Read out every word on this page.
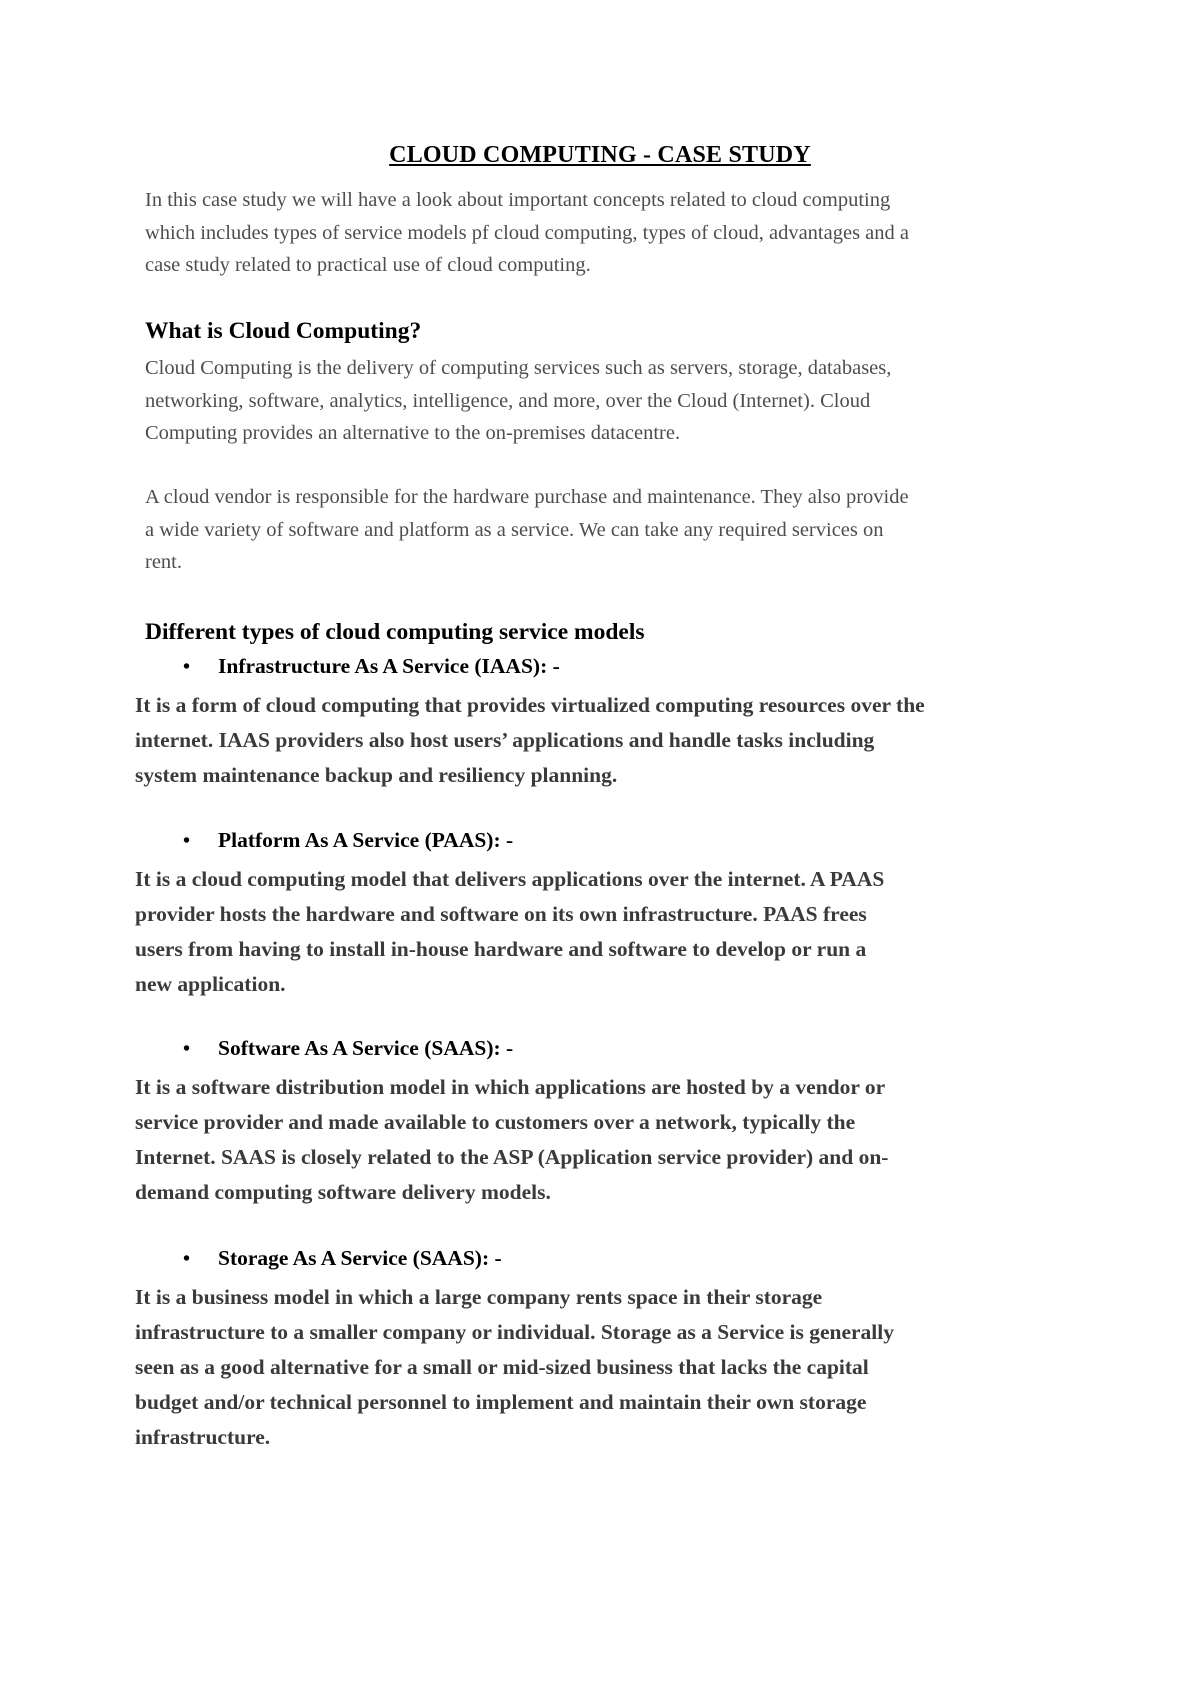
CLOUD COMPUTING - CASE STUDY

In this case study we will have a look about important concepts related to cloud computing

which includes types of service models pf cloud computing, types of cloud, advantages and a

case study related to practical use of cloud computing.

What is Cloud Computing?

Cloud Computing is the delivery of computing services such as servers, storage, databases,

networking, software, analytics, intelligence, and more, over the Cloud (Internet). Cloud

Computing provides an alternative to the on-premises datacentre.

A cloud vendor is responsible for the hardware purchase and maintenance. They also provide

a wide variety of software and platform as a service. We can take any required services on

rent.

Different types of cloud computing service models
• Infrastructure As A Service (IAAS): -

It is a form of cloud computing that provides virtualized computing resources over the

internet. IAAS providers also host users’ applications and handle tasks including

system maintenance backup and resiliency planning.

• Platform As A Service (PAAS): -

It is a cloud computing model that delivers applications over the internet. A PAAS

provider hosts the hardware and software on its own infrastructure. PAAS frees

users from having to install in-house hardware and software to develop or run a

new application.

• Software As A Service (SAAS): -

It is a software distribution model in which applications are hosted by a vendor or

service provider and made available to customers over a network, typically the

Internet. SAAS is closely related to the ASP (Application service provider) and on-

demand computing software delivery models.

• Storage As A Service (SAAS): -

It is a business model in which a large company rents space in their storage

infrastructure to a smaller company or individual. Storage as a Service is generally

seen as a good alternative for a small or mid-sized business that lacks the capital

budget and/or technical personnel to implement and maintain their own storage

infrastructure.
